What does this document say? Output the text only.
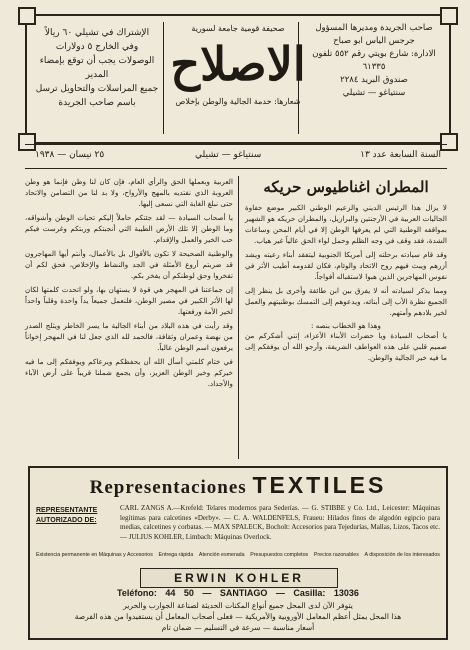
صاحب الجريدة ومديرها المسؤول
جرجس الياس ابو صباح
الادارة: شارع بويتي رقم ٥٥٢ تلفون ٦١٣٣٥
صندوق البريد ٢٢٨٤
سنتياغو — تشيلي
صحيفة قومية جامعة لسورية
الاصلاح
شعارها: خدمة الجالية والوطن بإخلاص
الإشتراك في تشيلي ٦٠ ريالاً
وفي الخارج ٥ دولارات
الوصولات يجب أن توقع بإمضاء المدير
جميع المراسلات والتحاويل ترسل
باسم صاحب الجريدة
السنة السابعة عدد ١٣
سنتياغو — تشيلي
٢٥ نيسان — ١٩٣٨
المطران اغناطيوس حريكه

لا يزال هذا الرئيس الديني والزعيم الوطني الكبير موضع حفاوة الجاليات العربية في الأرجنتين والبرازيل، والمطران حريكه هو الشهير بمواقفه الوطنية التي لم يعرفها الوطن إلا في أيام المحن وساعات الشدة، فقد وقف في وجه الظلم وحمل لواء الحق عالياً غير هياب.

وقد قام سيادته برحلته إلى أمريكا الجنوبية ليتفقد أبناء رعيته ويشد أزرهم ويبث فيهم روح الاتحاد والوئام، فكان لقدومه أطيب الأثر في نفوس المهاجرين الذين هبوا لاستقباله أفواجاً.

ومما يذكر لسيادته أنه لا يفرق بين ابن طائفة وأخرى بل ينظر إلى الجميع نظرة الأب إلى أبنائه، ويدعوهم إلى التمسك بوطنيتهم والعمل لخير بلادهم وأمتهم.

وهذا هو الخطاب بنصه :

يا أصحاب السيادة ويا حضرات الأبناء الأعزاء، إنني أشكركم من صميم قلبي على هذه العواطف الشريفة، وأرجو الله أن يوفقكم إلى ما فيه خير الجالية والوطن.

العربية وبعملها الحق والرأي العام، فإن كان لنا وطن فإنما هو وطن العروبة الذي نفتديه بالمهج والأرواح، ولا بد لنا من التضامن والاتحاد حتى نبلغ الغاية التي نسعى إليها.

يا أصحاب السيادة — لقد جئتكم حاملاً إليكم تحيات الوطن وأشواقه، وما الوطن إلا تلك الأرض الطيبة التي أنجبتكم وربتكم وغرست فيكم حب الخير والعمل والإقدام.

والوطنية الصحيحة لا تكون بالأقوال بل بالأعمال، وأنتم أيها المهاجرون قد ضربتم أروع الأمثلة في الجد والنشاط والإخلاص، فحق لكم أن تفخروا وحق لوطنكم أن يفخر بكم.

إن جماعتنا في المهجر هي قوة لا يستهان بها، ولو اتحدت كلمتها لكان لها الأثر الكبير في مصير الوطن، فلنعمل جميعاً يداً واحدة وقلباً واحداً لخير الأمة ورفعتها.

وقد رأيت في هذه البلاد من أبناء الجالية ما يسر الخاطر ويثلج الصدر من نهضة وعمران وثقافة، فالحمد لله الذي جعل لنا في المهجر إخواناً يرفعون اسم الوطن عالياً.

في ختام كلمتي أسأل الله أن يحفظكم ويرعاكم ويوفقكم إلى ما فيه خيركم وخير الوطن العزيز، وأن يجمع شملنا قريباً على أرض الآباء والأجداد.

Representaciones TEXTILES
REPRESENTANTE
AUTORIZADO DE:
CARL ZANGS A.—Krefeld: Telares modernos para Sederías. — G. STIBBE y Co. Ltd., Leicester: Máquinas legítimas para calcetines «Derby». — C. A. WALDENFELS, Fraueu: Hilados finos de algodón egipcio para medias, calcetines y corbatas. — MAX SPALECK, Bocholt: Accesorios para Tejedurías, Mallas, Lizos, Tacos etc. — JULIUS KOHLER, Limbach: Máquinas Overlock.
Existencia permanente en Máquinas y Accesorios Entrega rápida Atención esmerada Presupuestos completos Precios razonables A disposición de los interesados
ERWIN KOHLER
Teléfono: 44 50 — SANTIAGO — Casilla: 13036
يتوفر الآن لدى المحل جميع أنواع المكنات الحديثة لصناعة الجوارب والحرير
هذا المحل يمثل أعظم المعامل الأوروبية والأمريكية — فعلى أصحاب المعامل أن يستفيدوا من هذه الفرصة
أسعار مناسبة — سرعة في التسليم — ضمان تام
